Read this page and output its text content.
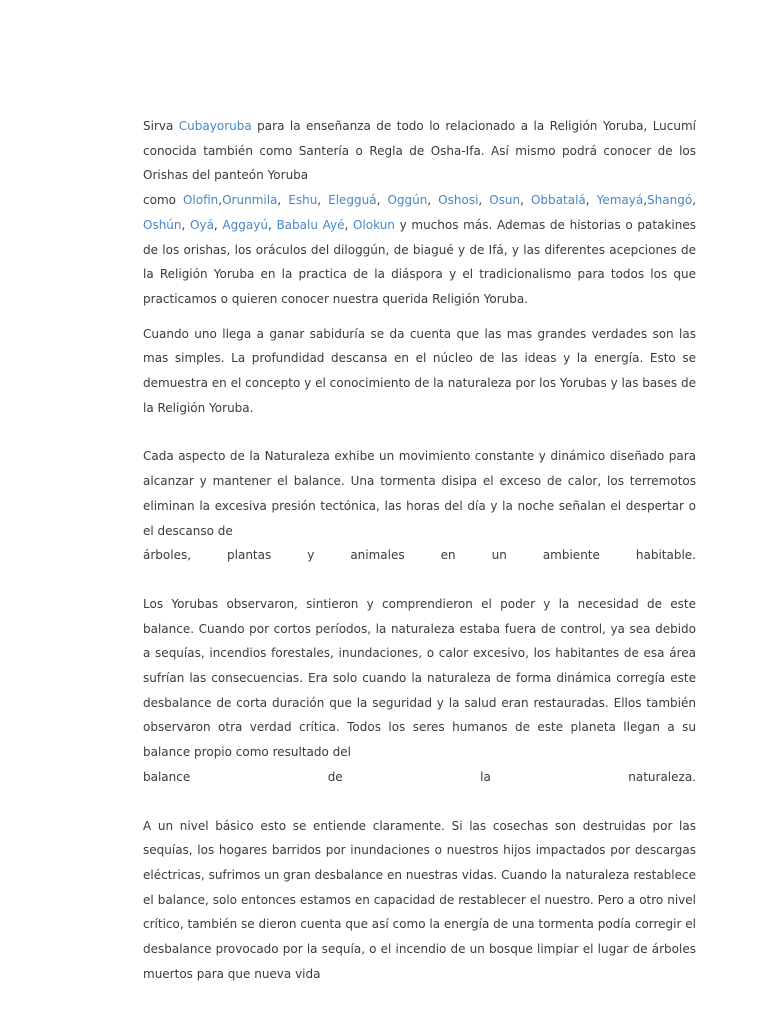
Sirva Cubayoruba para la enseñanza de todo lo relacionado a la Religión Yoruba, Lucumí conocida también como Santería o Regla de Osha-Ifa. Así mismo podrá conocer de los Orishas del panteón Yoruba
como Olofin,Orunmila, Eshu, Elegguá, Oggún, Oshosi, Osun, Obbatalá, Yemayá,Shangó, Oshún, Oyá, Aggayú, Babalu Ayé, Olokun y muchos más. Ademas de historias o patakines de los orishas, los oráculos del diloggún, de biagué y de Ifá, y las diferentes acepciones de la Religión Yoruba en la practica de la diáspora y el tradicionalismo para todos los que practicamos o quieren conocer nuestra querida Religión Yoruba.

Cuando uno llega a ganar sabiduría se da cuenta que las mas grandes verdades son las mas simples. La profundidad descansa en el núcleo de las ideas y la energía. Esto se demuestra en el concepto y el conocimiento de la naturaleza por los Yorubas y las bases de la Religión Yoruba.

Cada aspecto de la Naturaleza exhibe un movimiento constante y dinámico diseñado para alcanzar y mantener el balance. Una tormenta disipa el exceso de calor, los terremotos eliminan la excesiva presión tectónica, las horas del día y la noche señalan el despertar o el descanso de

árboles,	plantas	y	animales	en	un	ambiente	habitable.

Los Yorubas observaron, sintieron y comprendieron el poder y la necesidad de este balance. Cuando por cortos períodos, la naturaleza estaba fuera de control, ya sea debido a sequías, incendios forestales, inundaciones, o calor excesivo, los habitantes de esa área sufrían las consecuencias. Era solo cuando la naturaleza de forma dinámica corregía este desbalance de corta duración que la seguridad y la salud eran restauradas. Ellos también observaron otra verdad crítica. Todos los seres humanos de este planeta llegan a su balance propio como resultado del

balance	de	la	naturaleza.

A un nivel básico esto se entiende claramente. Si las cosechas son destruidas por las sequías, los hogares barridos por inundaciones o nuestros hijos impactados por descargas eléctricas, sufrimos un gran desbalance en nuestras vidas. Cuando la naturaleza restablece el balance, solo entonces estamos en capacidad de restablecer el nuestro. Pero a otro nivel crítico, también se dieron cuenta que así como la energía de una tormenta podía corregir el desbalance provocado por la sequía, o el incendio de un bosque limpiar el lugar de árboles muertos para que nueva vida
